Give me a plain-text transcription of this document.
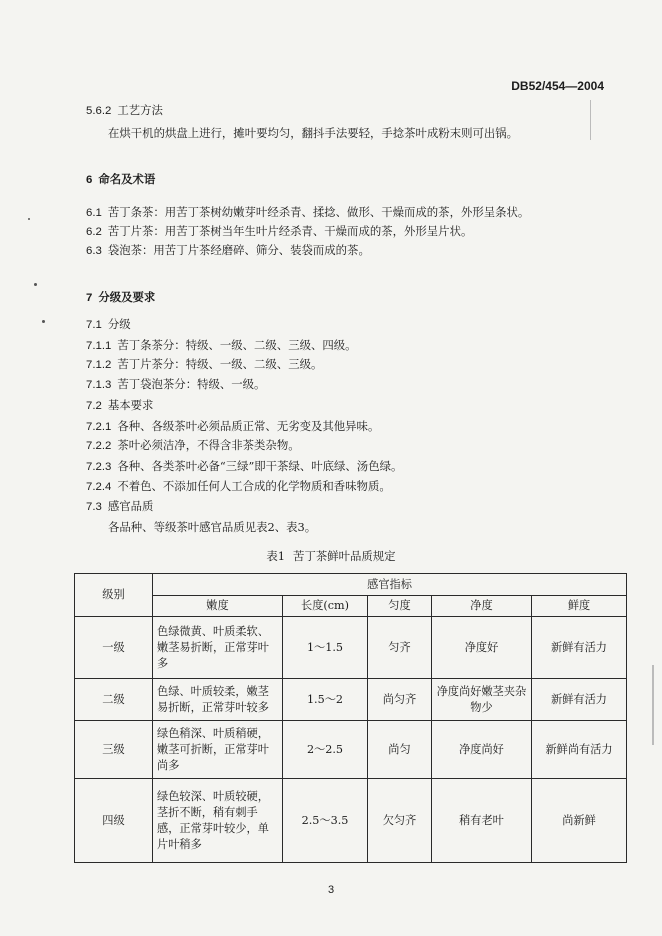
DB52/454—2004
5.6.2 工艺方法
在烘干机的烘盘上进行，摊叶要均匀，翻抖手法要轻，手捻茶叶成粉末则可出锅。
6 命名及术语
6.1 苦丁条茶：用苦丁茶树幼嫩芽叶经杀青、揉捻、做形、干燥而成的茶，外形呈条状。
6.2 苦丁片茶：用苦丁茶树当年生叶片经杀青、干燥而成的茶，外形呈片状。
6.3 袋泡茶：用苦丁片茶经磨碎、筛分、装袋而成的茶。
7 分级及要求
7.1 分级
7.1.1 苦丁条茶分：特级、一级、二级、三级、四级。
7.1.2 苦丁片茶分：特级、一级、二级、三级。
7.1.3 苦丁袋泡茶分：特级、一级。
7.2 基本要求
7.2.1 各种、各级茶叶必须品质正常、无劣变及其他异味。
7.2.2 茶叶必须洁净，不得含非茶类杂物。
7.2.3 各种、各类茶叶必备“三绿”即干茶绿、叶底绿、汤色绿。
7.2.4 不着色、不添加任何人工合成的化学物质和香味物质。
7.3 感官品质
各品种、等级茶叶感官品质见表2、表3。
表1 苦丁茶鲜叶品质规定
级别	感官指标				
	嫩度	长度(cm)	匀度	净度	鲜度
一级	色绿微黄、叶质柔软、嫩茎易折断，正常芽叶多	1～1.5	匀齐	净度好	新鲜有活力
二级	色绿、叶质较柔，嫩茎易折断，正常芽叶较多	1.5～2	尚匀齐	净度尚好嫩茎夹杂物少	新鲜有活力
三级	绿色稍深、叶质稍硬，嫩茎可折断，正常芽叶尚多	2～2.5	尚匀	净度尚好	新鲜尚有活力
四级	绿色较深、叶质较硬，茎折不断，稍有刺手感，正常芽叶较少，单片叶稍多	2.5～3.5	欠匀齐	稍有老叶	尚新鲜
3
